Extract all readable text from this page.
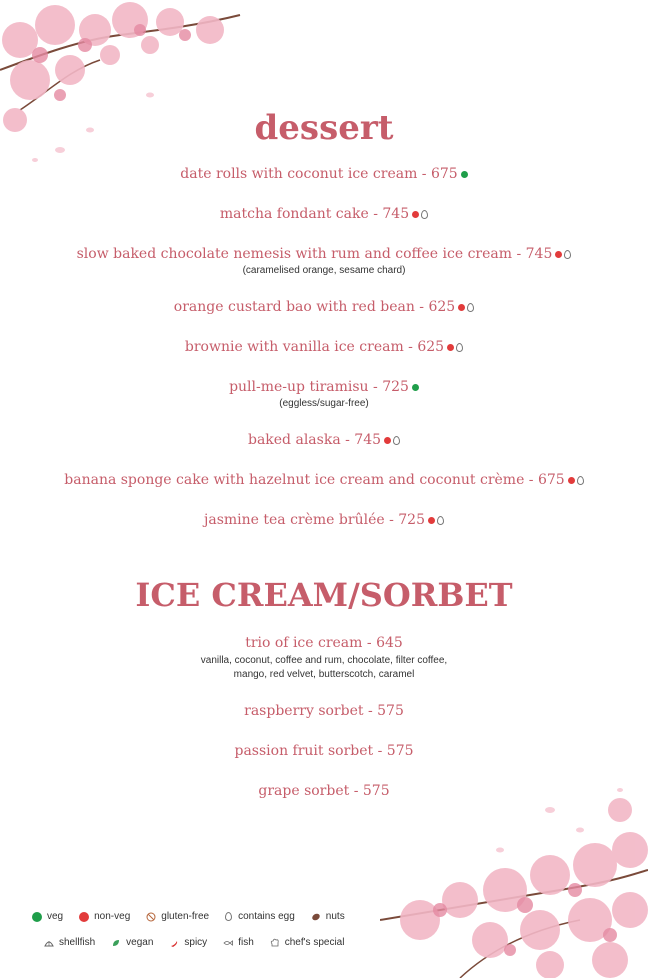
dessert
date rolls with coconut ice cream - 675
matcha fondant cake - 745
slow baked chocolate nemesis with rum and coffee ice cream - 745
(caramelised orange, sesame chard)
orange custard bao with red bean - 625
brownie with vanilla ice cream - 625
pull-me-up tiramisu - 725
(eggless/sugar-free)
baked alaska - 745
banana sponge cake with hazelnut ice cream and coconut crème - 675
jasmine tea crème brûlée - 725
ICE CREAM/SORBET
trio of ice cream - 645
vanilla, coconut, coffee and rum, chocolate, filter coffee,
mango, red velvet, butterscotch, caramel
raspberry sorbet - 575
passion fruit sorbet - 575
grape sorbet - 575
veg	non-veg	gluten-free	contains egg	nuts
shellfish	vegan	spicy	fish	chef's special
